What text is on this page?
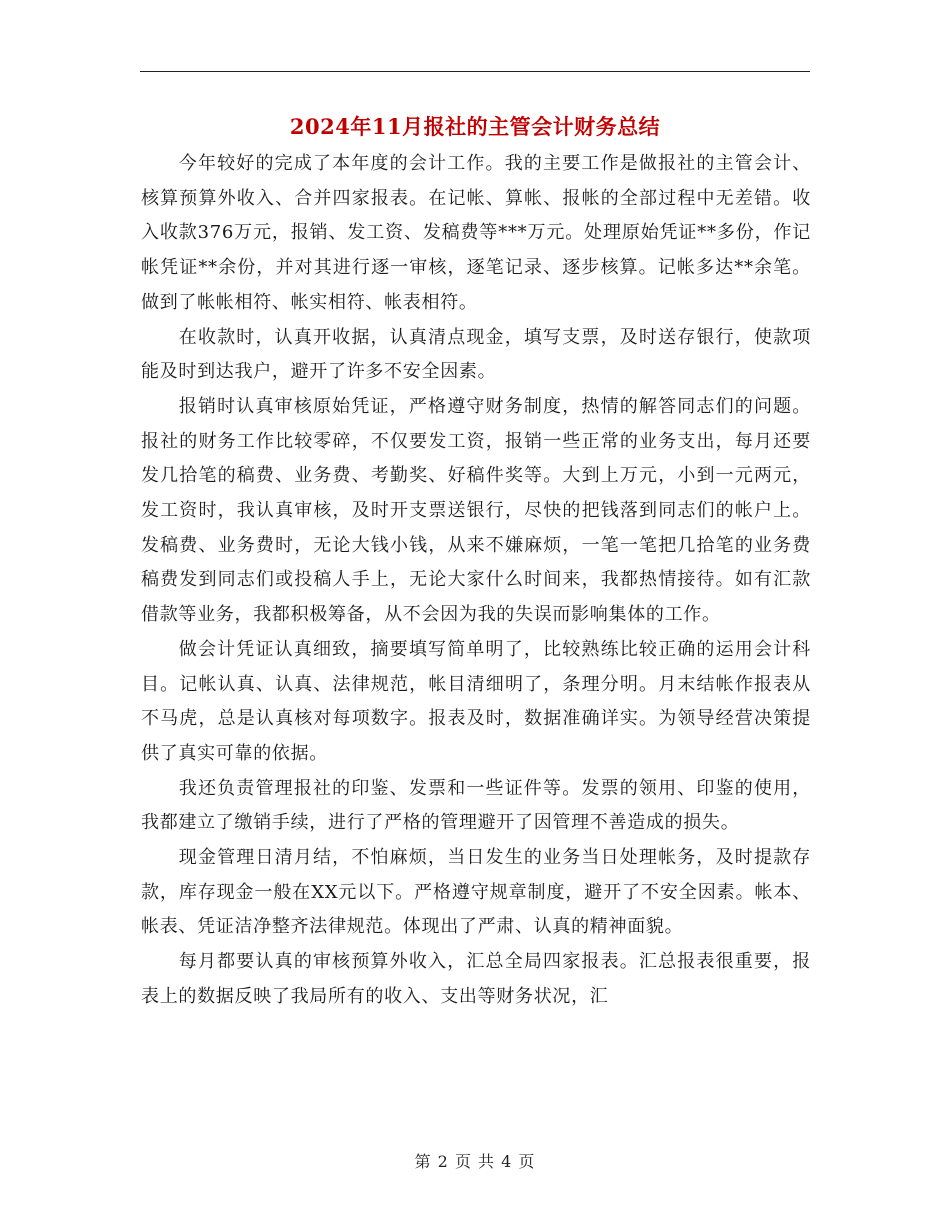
2024年11月报社的主管会计财务总结

今年较好的完成了本年度的会计工作。我的主要工作是做报社的主管会计、核算预算外收入、合并四家报表。在记帐、算帐、报帐的全部过程中无差错。收入收款376万元，报销、发工资、发稿费等***万元。处理原始凭证**多份，作记帐凭证**余份，并对其进行逐一审核，逐笔记录、逐步核算。记帐多达**余笔。做到了帐帐相符、帐实相符、帐表相符。

在收款时，认真开收据，认真清点现金，填写支票，及时送存银行，使款项能及时到达我户，避开了许多不安全因素。

报销时认真审核原始凭证，严格遵守财务制度，热情的解答同志们的问题。报社的财务工作比较零碎，不仅要发工资，报销一些正常的业务支出，每月还要发几拾笔的稿费、业务费、考勤奖、好稿件奖等。大到上万元，小到一元两元，发工资时，我认真审核，及时开支票送银行，尽快的把钱落到同志们的帐户上。发稿费、业务费时，无论大钱小钱，从来不嫌麻烦，一笔一笔把几拾笔的业务费稿费发到同志们或投稿人手上，无论大家什么时间来，我都热情接待。如有汇款借款等业务，我都积极筹备，从不会因为我的失误而影响集体的工作。

做会计凭证认真细致，摘要填写简单明了，比较熟练比较正确的运用会计科目。记帐认真、认真、法律规范，帐目清细明了，条理分明。月末结帐作报表从不马虎，总是认真核对每项数字。报表及时，数据准确详实。为领导经营决策提供了真实可靠的依据。

我还负责管理报社的印鉴、发票和一些证件等。发票的领用、印鉴的使用，我都建立了缴销手续，进行了严格的管理避开了因管理不善造成的损失。

现金管理日清月结，不怕麻烦，当日发生的业务当日处理帐务，及时提款存款，库存现金一般在XX元以下。严格遵守规章制度，避开了不安全因素。帐本、帐表、凭证洁净整齐法律规范。体现出了严肃、认真的精神面貌。

每月都要认真的审核预算外收入，汇总全局四家报表。汇总报表很重要，报表上的数据反映了我局所有的收入、支出等财务状况，汇

第 2 页 共 4 页
